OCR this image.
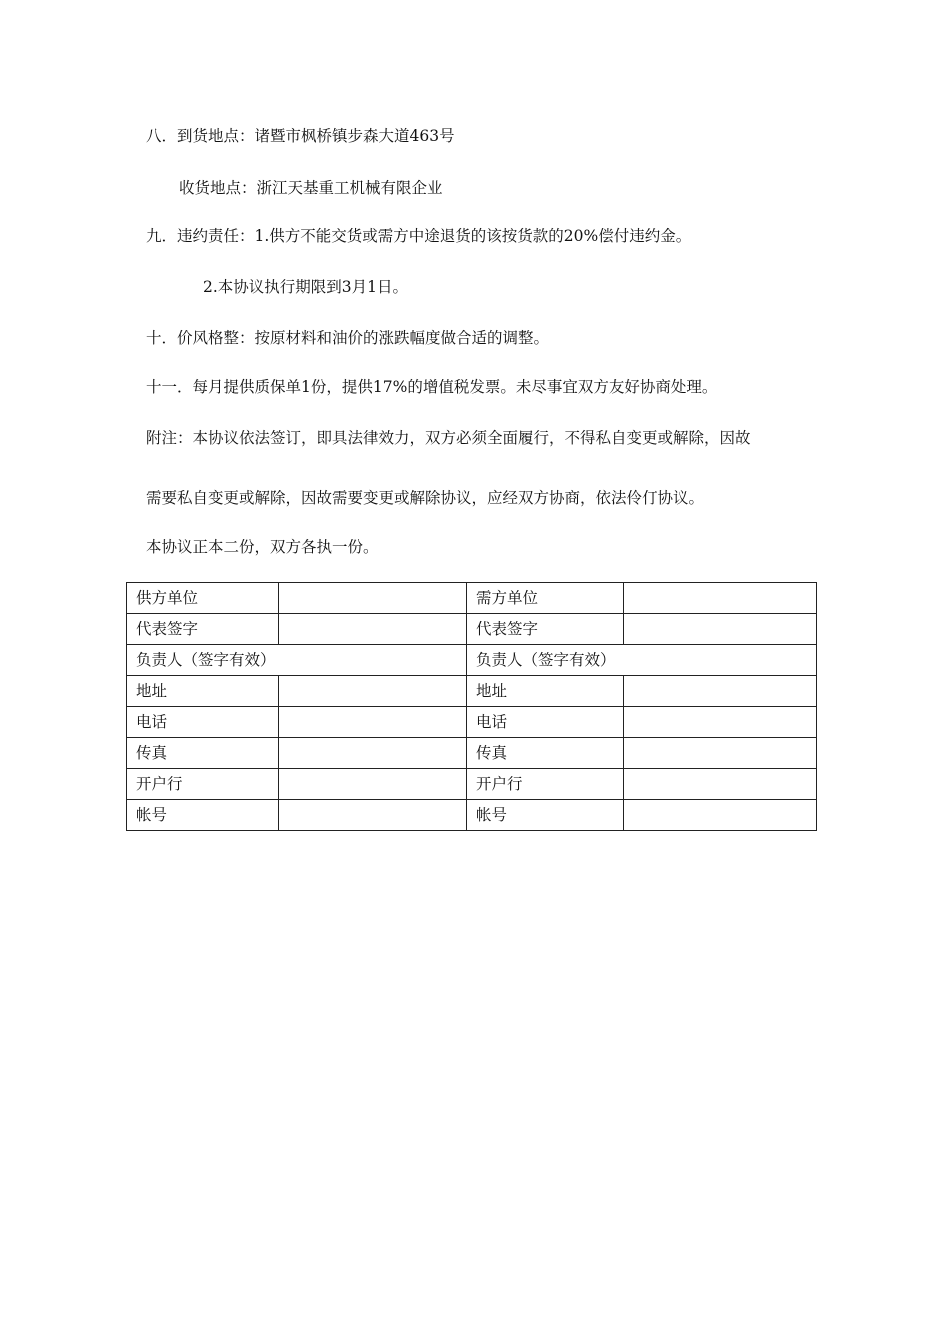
八．到货地点：诸暨市枫桥镇步森大道463号
收货地点：浙江天基重工机械有限企业
九．违约责任：1.供方不能交货或需方中途退货的该按货款的20%偿付违约金。
2.本协议执行期限到3月1日。
十．价风格整：按原材料和油价的涨跌幅度做合适的调整。
十一．每月提供质保单1份，提供17%的增值税发票。未尽事宜双方友好协商处理。
附注：本协议依法签订，即具法律效力，双方必须全面履行，不得私自变更或解除，因故
需要私自变更或解除，因故需要变更或解除协议，应经双方协商，依法伶仃协议。
本协议正本二份，双方各执一份。
供方单位		需方单位	
代表签字		代表签字	
负责人（签字有效）		负责人（签字有效）	
地址		地址	
电话		电话	
传真		传真	
开户行		开户行	
帐号		帐号	
